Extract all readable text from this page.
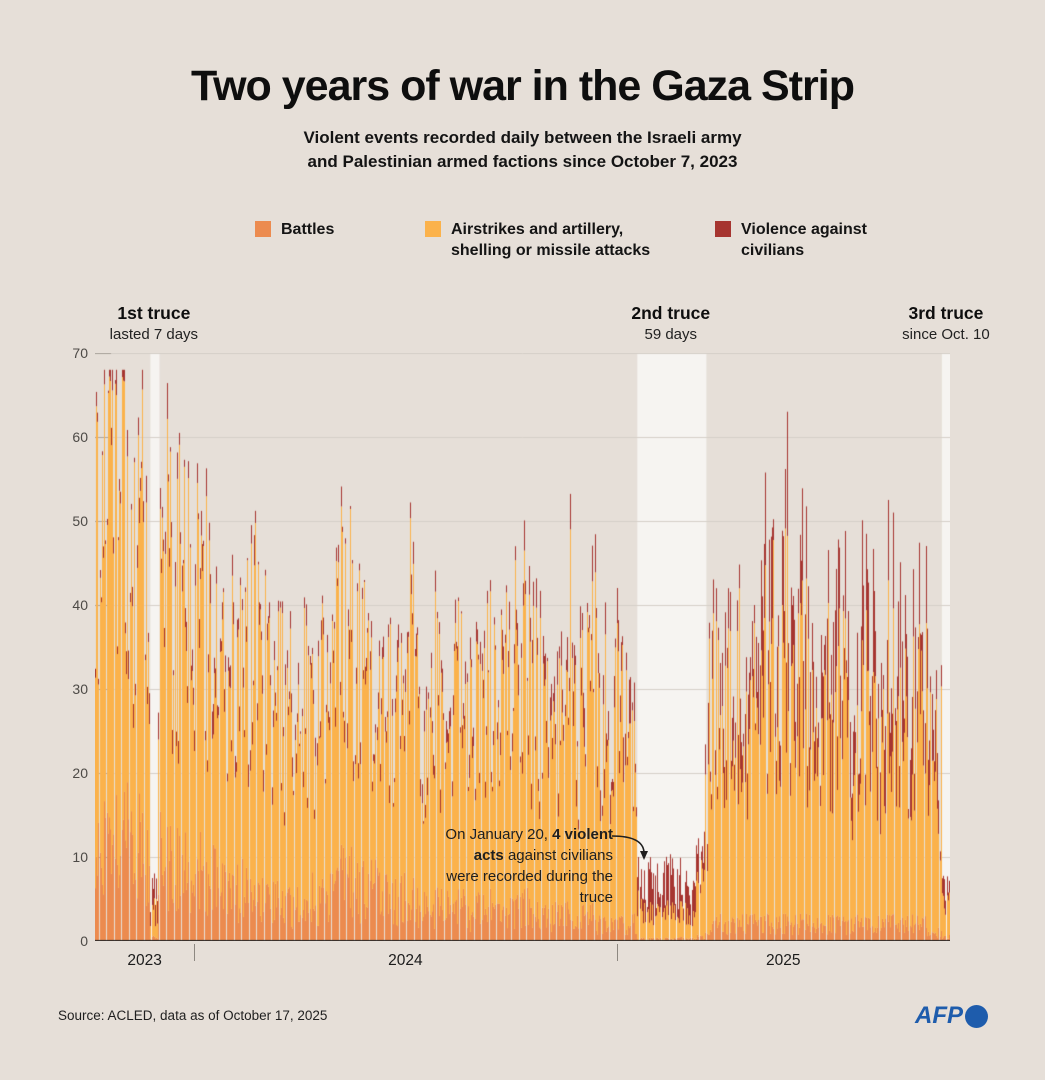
Two years of war in the Gaza Strip
Violent events recorded daily between the Israeli army
and Palestinian armed factions since October 7, 2023
Battles	Airstrikes and artillery,
shelling or missile attacks
Violence against
civilians
1st truce
lasted 7 days
2nd truce
59 days
3rd truce
since Oct. 10
0
10
20
30
40
50
60
70
2023	2024	2025
On January 20, 4 violent acts against civilians were recorded during the truce
Source: ACLED, data as of October 17, 2025	AFP
